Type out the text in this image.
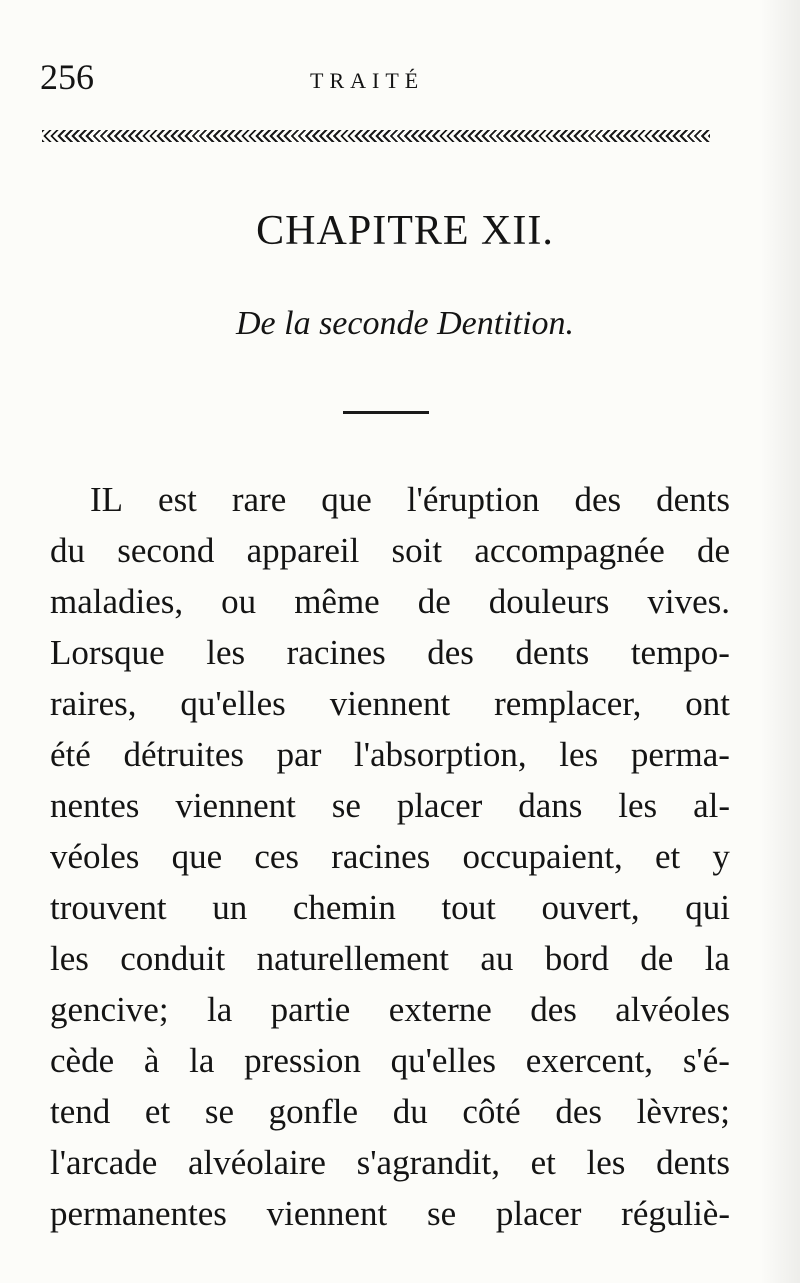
256	TRAITÉ
CHAPITRE XII.
De la seconde Dentition.
IL est rare que l'éruption des dents
du second appareil soit accompagnée de
maladies, ou même de douleurs vives.
Lorsque les racines des dents tempo-
raires, qu'elles viennent remplacer, ont
été détruites par l'absorption, les perma-
nentes viennent se placer dans les al-
véoles que ces racines occupaient, et y
trouvent un chemin tout ouvert, qui
les conduit naturellement au bord de la
gencive; la partie externe des alvéoles
cède à la pression qu'elles exercent, s'é-
tend et se gonfle du côté des lèvres;
l'arcade alvéolaire s'agrandit, et les dents
permanentes viennent se placer réguliè-
